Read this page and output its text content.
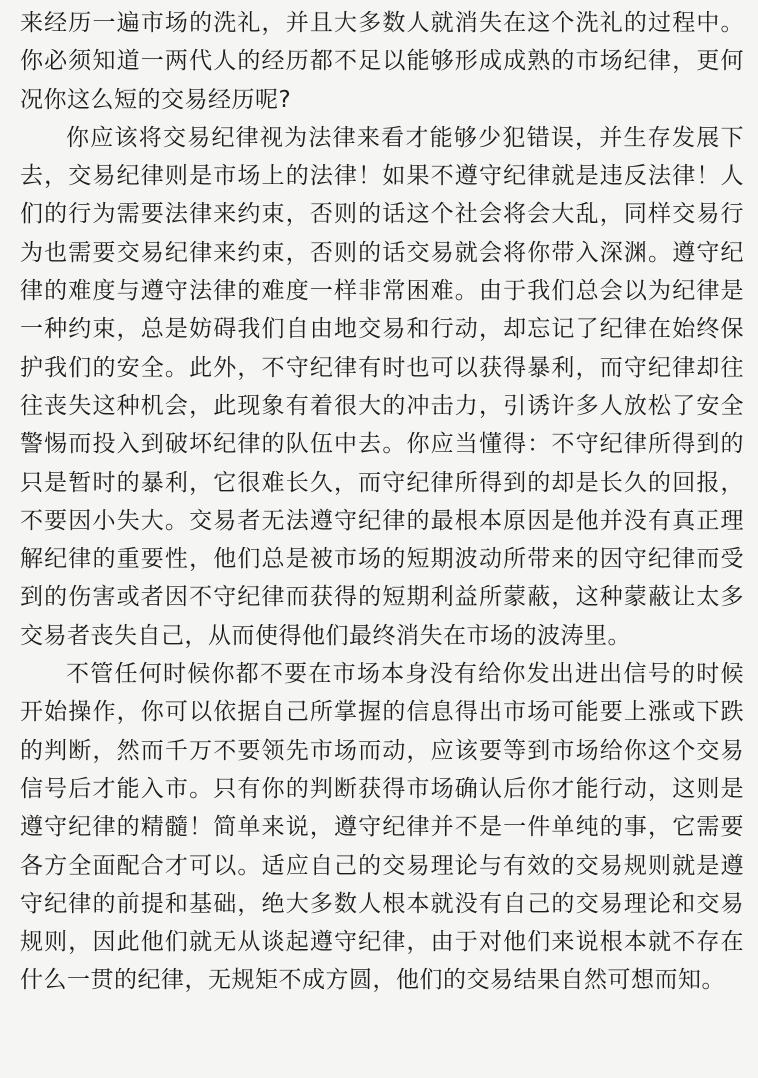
来经历一遍市场的洗礼，并且大多数人就消失在这个洗礼的过程中。
你必须知道一两代人的经历都不足以能够形成成熟的市场纪律，更何
况你这么短的交易经历呢?
你应该将交易纪律视为法律来看才能够少犯错误，并生存发展下
去，交易纪律则是市场上的法律！如果不遵守纪律就是违反法律！人
们的行为需要法律来约束，否则的话这个社会将会大乱，同样交易行
为也需要交易纪律来约束，否则的话交易就会将你带入深渊。遵守纪
律的难度与遵守法律的难度一样非常困难。由于我们总会以为纪律是
一种约束，总是妨碍我们自由地交易和行动，却忘记了纪律在始终保
护我们的安全。此外，不守纪律有时也可以获得暴利，而守纪律却往
往丧失这种机会，此现象有着很大的冲击力，引诱许多人放松了安全
警惕而投入到破坏纪律的队伍中去。你应当懂得：不守纪律所得到的
只是暂时的暴利，它很难长久，而守纪律所得到的却是长久的回报，
不要因小失大。交易者无法遵守纪律的最根本原因是他并没有真正理
解纪律的重要性，他们总是被市场的短期波动所带来的因守纪律而受
到的伤害或者因不守纪律而获得的短期利益所蒙蔽，这种蒙蔽让太多
交易者丧失自己，从而使得他们最终消失在市场的波涛里。
不管任何时候你都不要在市场本身没有给你发出进出信号的时候
开始操作，你可以依据自己所掌握的信息得出市场可能要上涨或下跌
的判断，然而千万不要领先市场而动，应该要等到市场给你这个交易
信号后才能入市。只有你的判断获得市场确认后你才能行动，这则是
遵守纪律的精髓！简单来说，遵守纪律并不是一件单纯的事，它需要
各方全面配合才可以。适应自己的交易理论与有效的交易规则就是遵
守纪律的前提和基础，绝大多数人根本就没有自己的交易理论和交易
规则，因此他们就无从谈起遵守纪律，由于对他们来说根本就不存在
什么一贯的纪律，无规矩不成方圆，他们的交易结果自然可想而知。
